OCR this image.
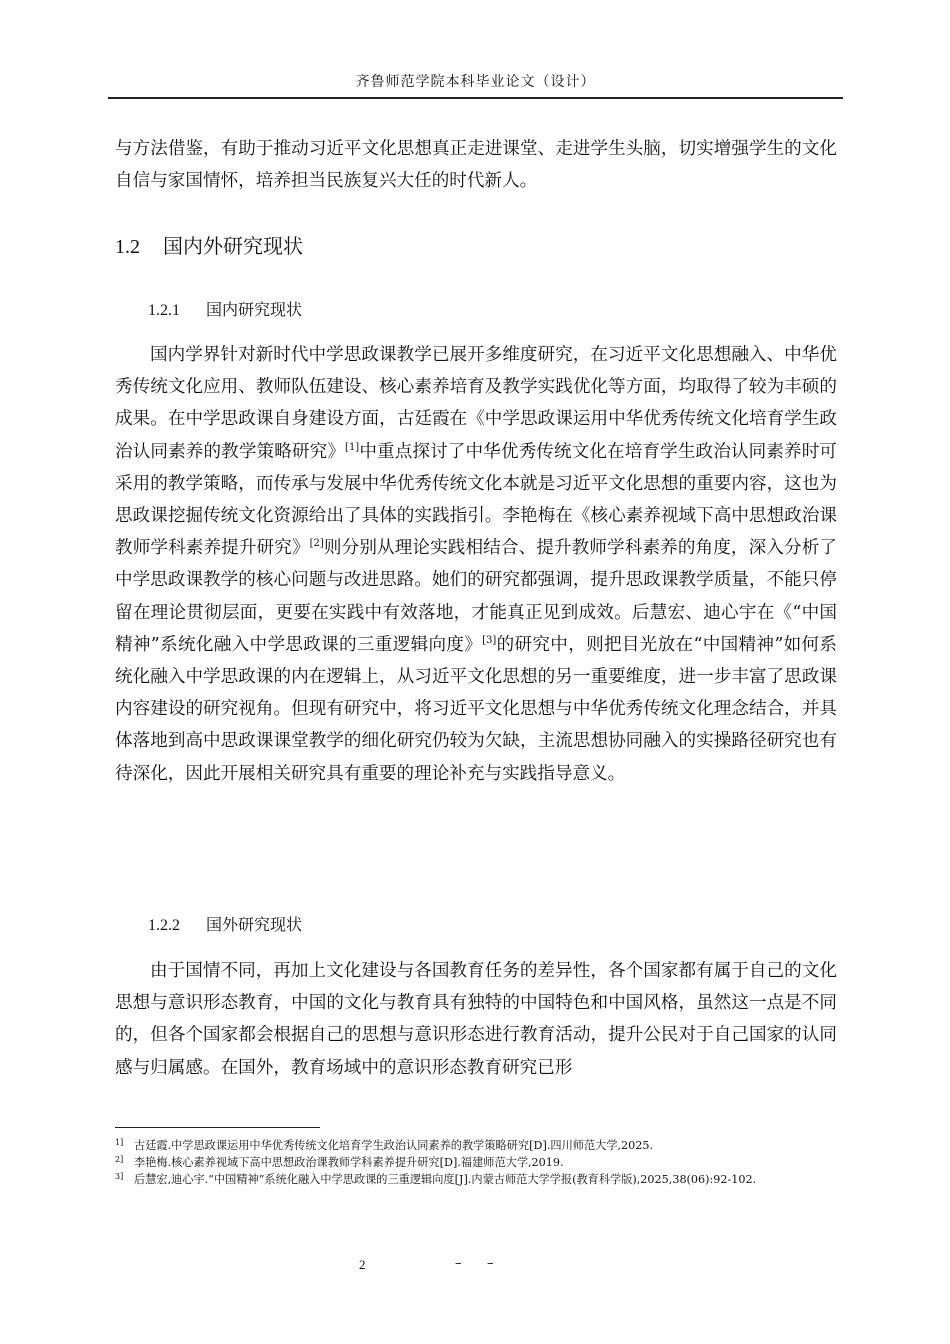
齐鲁师范学院本科毕业论文（设计）

与方法借鉴，有助于推动习近平文化思想真正走进课堂、走进学生头脑，切实增强学生的文化自信与家国情怀，培养担当民族复兴大任的时代新人。

1.2 国内外研究现状
1.2.1 国内研究现状

国内学界针对新时代中学思政课教学已展开多维度研究，在习近平文化思想融入、中华优秀传统文化应用、教师队伍建设、核心素养培育及教学实践优化等方面，均取得了较为丰硕的成果。在中学思政课自身建设方面，古廷霞在《中学思政课运用中华优秀传统文化培育学生政治认同素养的教学策略研究》[1]中重点探讨了中华优秀传统文化在培育学生政治认同素养时可采用的教学策略，而传承与发展中华优秀传统文化本就是习近平文化思想的重要内容，这也为思政课挖掘传统文化资源给出了具体的实践指引。李艳梅在《核心素养视域下高中思想政治课教师学科素养提升研究》[2]则分别从理论实践相结合、提升教师学科素养的角度，深入分析了中学思政课教学的核心问题与改进思路。她们的研究都强调，提升思政课教学质量，不能只停留在理论贯彻层面，更要在实践中有效落地，才能真正见到成效。后慧宏、迪心宇在《“中国精神”系统化融入中学思政课的三重逻辑向度》[3]的研究中，则把目光放在“中国精神”如何系统化融入中学思政课的内在逻辑上，从习近平文化思想的另一重要维度，进一步丰富了思政课内容建设的研究视角。但现有研究中，将习近平文化思想与中华优秀传统文化理念结合，并具体落地到高中思政课课堂教学的细化研究仍较为欠缺，主流思想协同融入的实操路径研究也有待深化，因此开展相关研究具有重要的理论补充与实践指导意义。

1.2.2 国外研究现状

由于国情不同，再加上文化建设与各国教育任务的差异性，各个国家都有属于自己的文化思想与意识形态教育，中国的文化与教育具有独特的中国特色和中国风格，虽然这一点是不同的，但各个国家都会根据自己的思想与意识形态进行教育活动，提升公民对于自己国家的认同感与归属感。在国外，教育场域中的意识形态教育研究已形

1] 古廷霞.中学思政课运用中华优秀传统文化培育学生政治认同素养的教学策略研究[D].四川师范大学,2025.
2] 李艳梅.核心素养视域下高中思想政治课教师学科素养提升研究[D].福建师范大学,2019.
3] 后慧宏,迪心宇.“中国精神”系统化融入中学思政课的三重逻辑向度[J].内蒙古师范大学学报(教育科学版),2025,38(06):92-102.
2	– –
